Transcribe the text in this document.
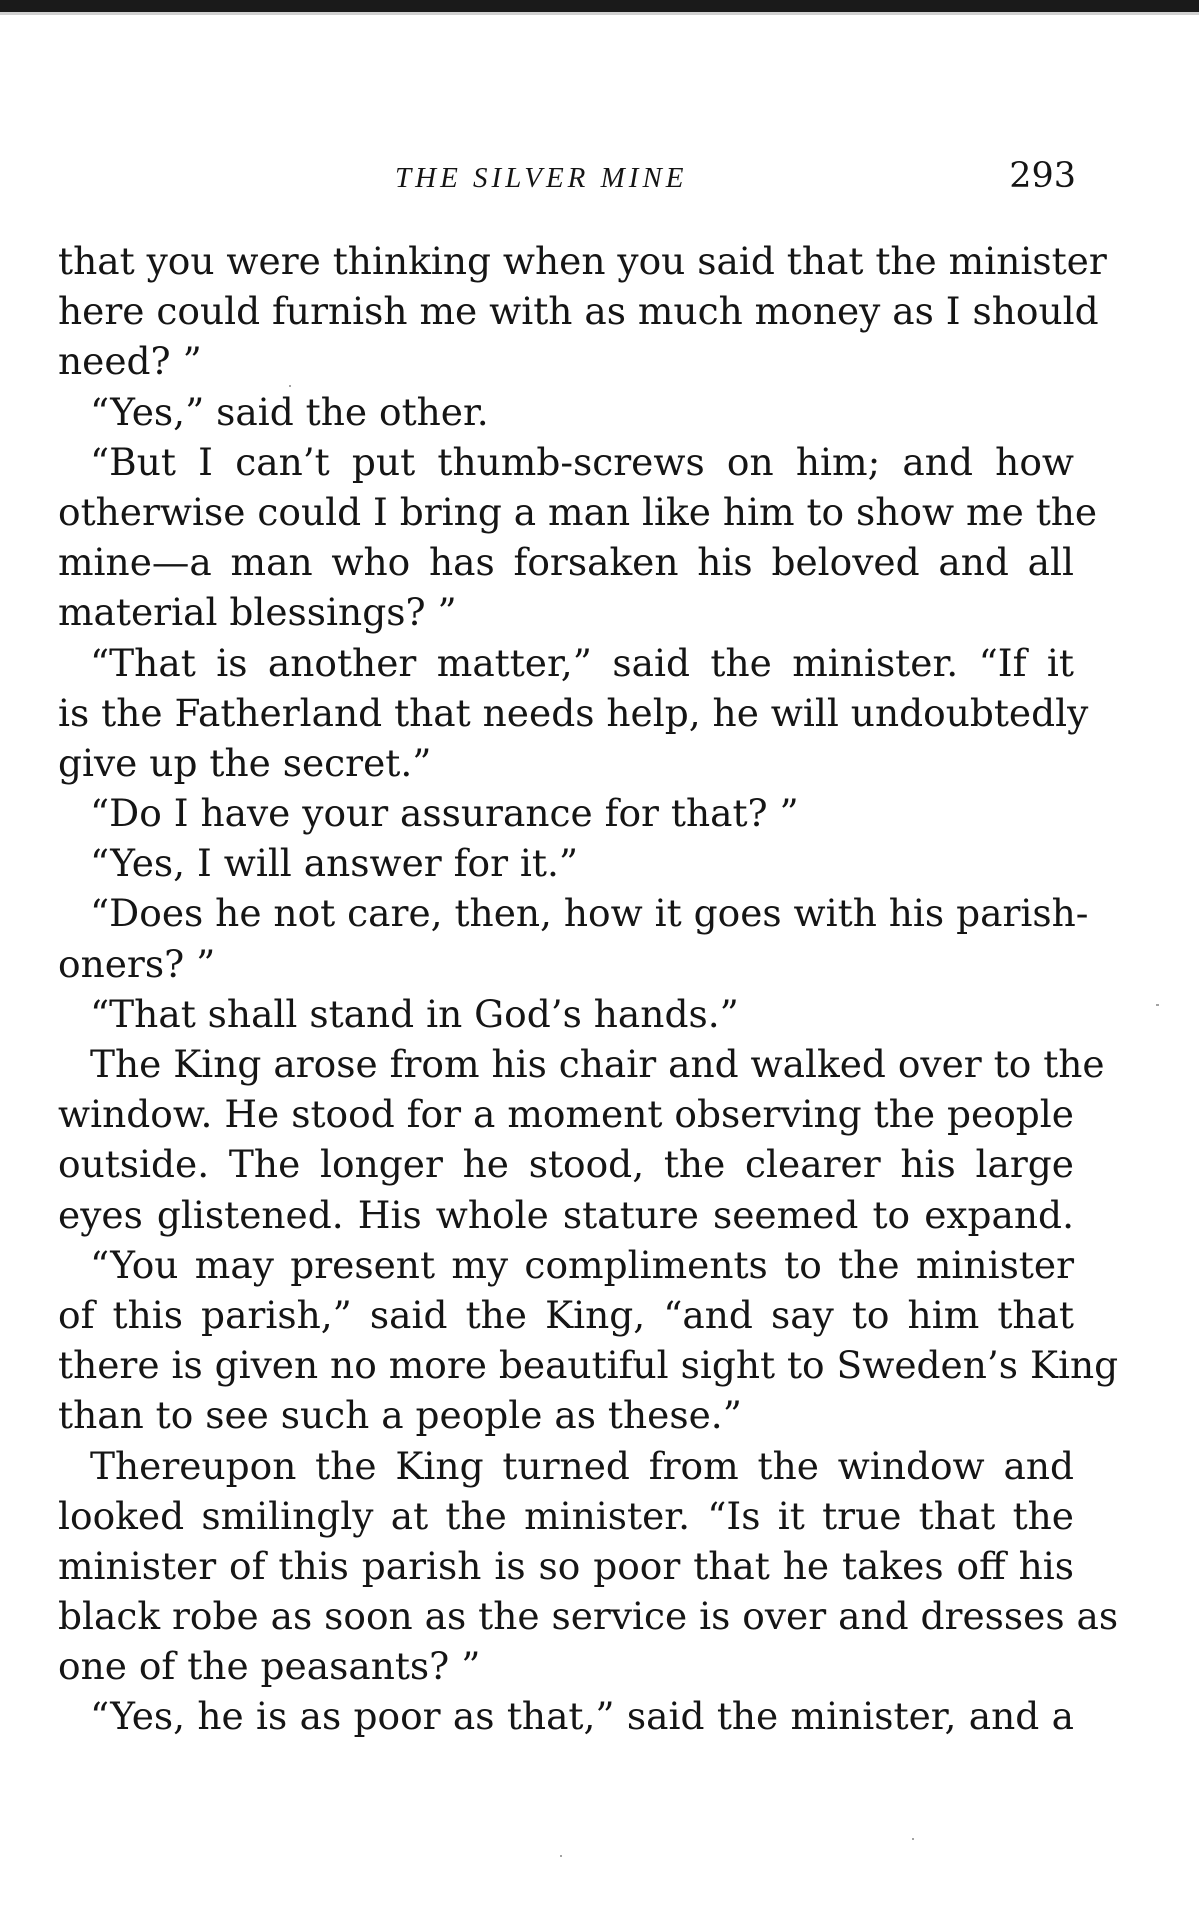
THE SILVER MINE	293
that you were thinking when you said that the minister
here could furnish me with as much money as I should
need? ”
“Yes,” said the other.
“But I can’t put thumb-screws on him; and how
otherwise could I bring a man like him to show me the
mine—a man who has forsaken his beloved and all
material blessings? ”
“That is another matter,” said the minister. “If it
is the Fatherland that needs help, he will undoubtedly
give up the secret.”
“Do I have your assurance for that? ”
“Yes, I will answer for it.”
“Does he not care, then, how it goes with his parish-
oners? ”
“That shall stand in God’s hands.”
The King arose from his chair and walked over to the
window. He stood for a moment observing the people
outside. The longer he stood, the clearer his large
eyes glistened. His whole stature seemed to expand.
“You may present my compliments to the minister
of this parish,” said the King, “and say to him that
there is given no more beautiful sight to Sweden’s King
than to see such a people as these.”
Thereupon the King turned from the window and
looked smilingly at the minister. “Is it true that the
minister of this parish is so poor that he takes off his
black robe as soon as the service is over and dresses as
one of the peasants? ”
“Yes, he is as poor as that,” said the minister, and a
